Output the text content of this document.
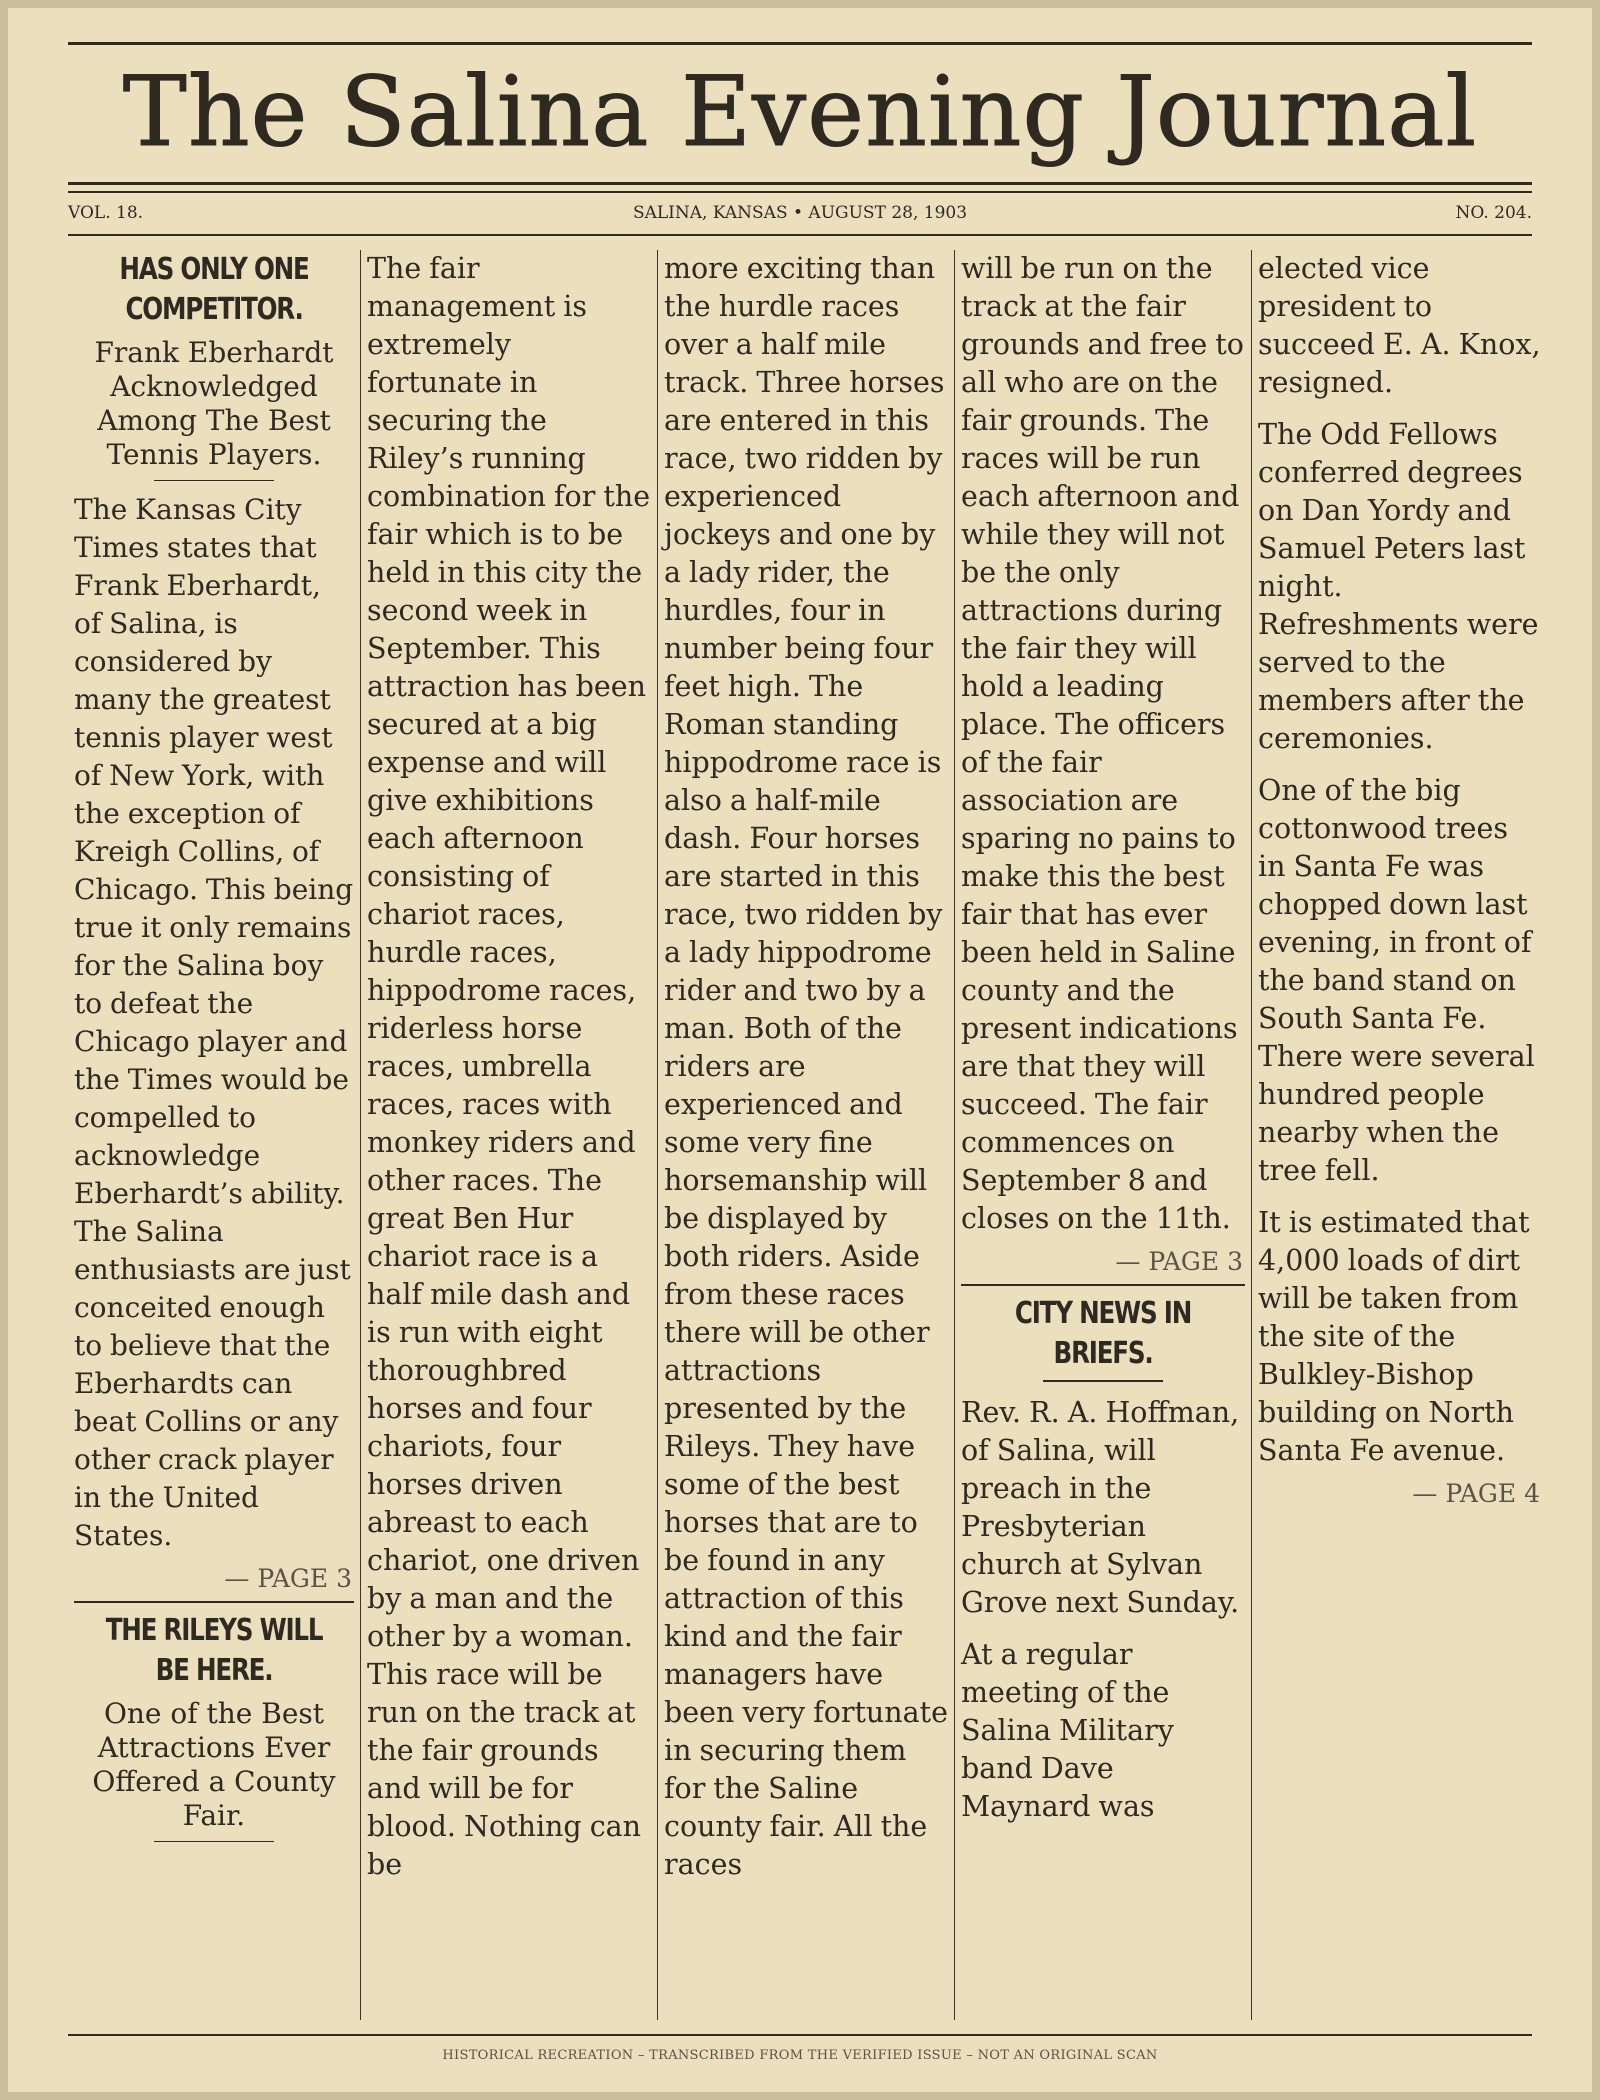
The Salina Evening Journal
VOL. 18.	SALINA, KANSAS • AUGUST 28, 1903	NO. 204.
HAS ONLY ONE COMPETITOR.
Frank Eberhardt Acknowledged Among The Best Tennis Players.

The Kansas City Times states that Frank Eberhardt, of Salina, is considered by many the greatest tennis player west of New York, with the exception of Kreigh Collins, of Chicago. This being true it only remains for the Salina boy to defeat the Chicago player and the Times would be compelled to acknowledge Eberhardt’s ability. The Salina enthusiasts are just conceited enough to believe that the Eberhardts can beat Collins or any other crack player in the United States.

— PAGE 3
THE RILEYS WILL BE HERE.
One of the Best Attractions Ever Offered a County Fair.

The fair management is extremely fortunate in securing the Riley’s running combination for the fair which is to be held in this city the second week in September. This attraction has been secured at a big expense and will give exhibitions each afternoon consisting of chariot races, hurdle races, hippodrome races, riderless horse races, umbrella races, races with monkey riders and other races. The great Ben Hur chariot race is a half mile dash and is run with eight thoroughbred horses and four chariots, four horses driven abreast to each chariot, one driven by a man and the other by a woman. This race will be run on the track at the fair grounds and will be for blood. Nothing can be

more exciting than the hurdle races over a half mile track. Three horses are entered in this race, two ridden by experienced jockeys and one by a lady rider, the hurdles, four in number being four feet high. The Roman standing hippodrome race is also a half-mile dash. Four horses are started in this race, two ridden by a lady hippodrome rider and two by a man. Both of the riders are experienced and some very fine horsemanship will be displayed by both riders. Aside from these races there will be other attractions presented by the Rileys. They have some of the best horses that are to be found in any attraction of this kind and the fair managers have been very fortunate in securing them for the Saline county fair. All the races

will be run on the track at the fair grounds and free to all who are on the fair grounds. The races will be run each afternoon and while they will not be the only attractions during the fair they will hold a leading place. The officers of the fair association are sparing no pains to make this the best fair that has ever been held in Saline county and the present indications are that they will succeed. The fair commences on September 8 and closes on the 11th.

— PAGE 3
CITY NEWS IN BRIEFS.

Rev. R. A. Hoffman, of Salina, will preach in the Presbyterian church at Sylvan Grove next Sunday.

At a regular meeting of the Salina Military band Dave Maynard was

elected vice president to succeed E. A. Knox, resigned.

The Odd Fellows conferred degrees on Dan Yordy and Samuel Peters last night. Refreshments were served to the members after the ceremonies.

One of the big cottonwood trees in Santa Fe was chopped down last evening, in front of the band stand on South Santa Fe. There were several hundred people nearby when the tree fell.

It is estimated that 4,000 loads of dirt will be taken from the site of the Bulkley-Bishop building on North Santa Fe avenue.

— PAGE 4
HISTORICAL RECREATION – TRANSCRIBED FROM THE VERIFIED ISSUE – NOT AN ORIGINAL SCAN
